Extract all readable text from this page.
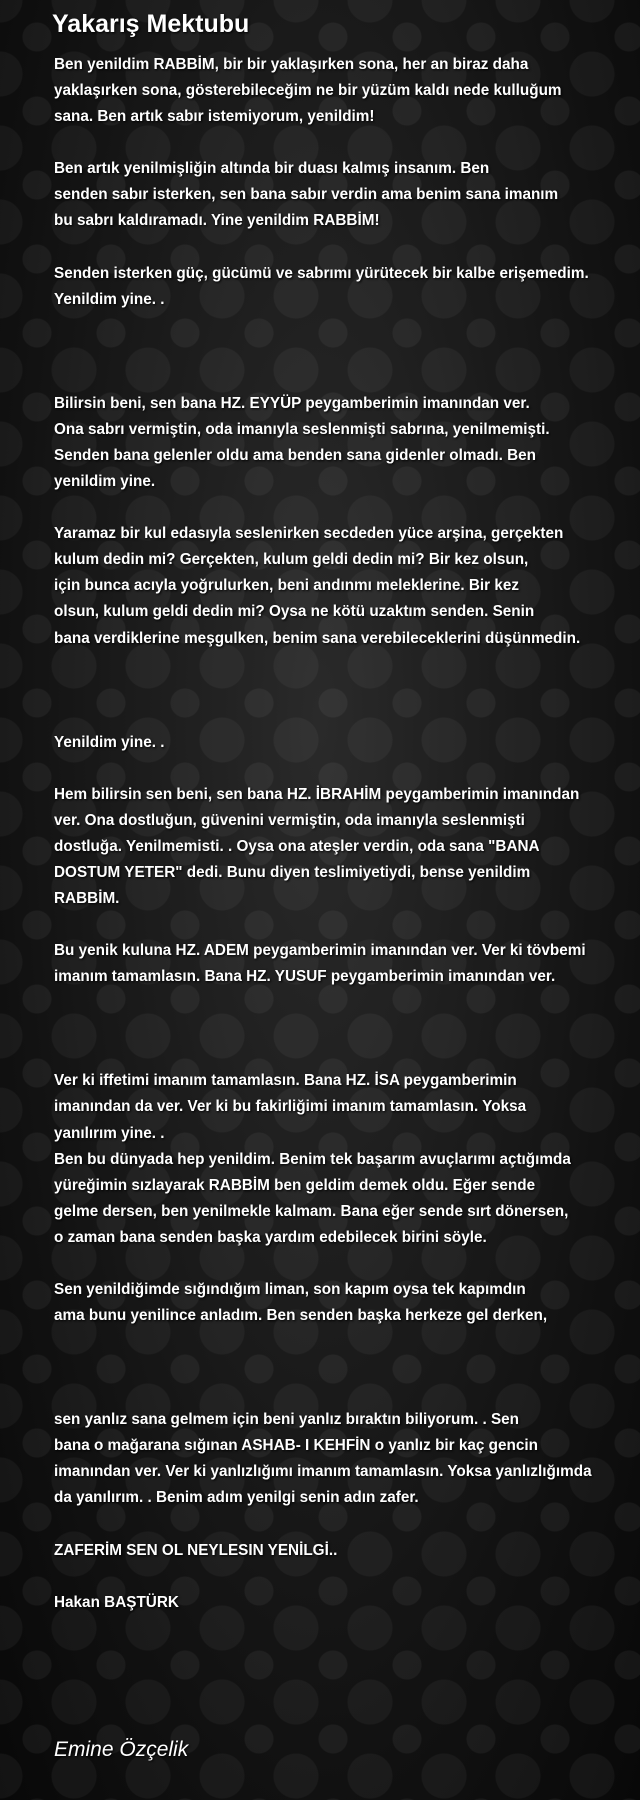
Yakarış Mektubu

Ben yenildim RABBİM, bir bir yaklaşırken sona, her an biraz daha
yaklaşırken sona, gösterebileceğim ne bir yüzüm kaldı nede kulluğum
sana. Ben artık sabır istemiyorum, yenildim!

Ben artık yenilmişliğin altında bir duası kalmış insanım. Ben
senden sabır isterken, sen bana sabır verdin ama benim sana imanım
bu sabrı kaldıramadı. Yine yenildim RABBİM!

Senden isterken güç, gücümü ve sabrımı yürütecek bir kalbe erişemedim.
Yenildim yine. .

Bilirsin beni, sen bana HZ. EYYÜP peygamberimin imanından ver.
Ona sabrı vermiştin, oda imanıyla seslenmişti sabrına, yenilmemişti.
Senden bana gelenler oldu ama benden sana gidenler olmadı. Ben
yenildim yine.

Yaramaz bir kul edasıyla seslenirken secdeden yüce arşina, gerçekten
kulum dedin mi? Gerçekten, kulum geldi dedin mi? Bir kez olsun,
için bunca acıyla yoğrulurken, beni andınmı meleklerine. Bir kez
olsun, kulum geldi dedin mi? Oysa ne kötü uzaktım senden. Senin
bana verdiklerine meşgulken, benim sana verebileceklerini düşünmedin.

Yenildim yine. .

Hem bilirsin sen beni, sen bana HZ. İBRAHİM peygamberimin imanından
ver. Ona dostluğun, güvenini vermiştin, oda imanıyla seslenmişti
dostluğa. Yenilmemisti. . Oysa ona ateşler verdin, oda sana "BANA
DOSTUM YETER" dedi. Bunu diyen teslimiyetiydi, bense yenildim
RABBİM.

Bu yenik kuluna HZ. ADEM peygamberimin imanından ver. Ver ki tövbemi
imanım tamamlasın. Bana HZ. YUSUF peygamberimin imanından ver.

Ver ki iffetimi imanım tamamlasın. Bana HZ. İSA peygamberimin
imanından da ver. Ver ki bu fakirliğimi imanım tamamlasın. Yoksa
yanılırım yine. .
Ben bu dünyada hep yenildim. Benim tek başarım avuçlarımı açtığımda
yüreğimin sızlayarak RABBİM ben geldim demek oldu. Eğer sende
gelme dersen, ben yenilmekle kalmam. Bana eğer sende sırt dönersen,
o zaman bana senden başka yardım edebilecek birini söyle.

Sen yenildiğimde sığındığım liman, son kapım oysa tek kapımdın
ama bunu yenilince anladım. Ben senden başka herkeze gel derken,

sen yanlız sana gelmem için beni yanlız bıraktın biliyorum. . Sen
bana o mağarana sığınan ASHAB- I KEHFİN o yanlız bir kaç gencin
imanından ver. Ver ki yanlızlığımı imanım tamamlasın. Yoksa yanlızlığımda
da yanılırım. . Benim adım yenilgi senin adın zafer.

ZAFERİM SEN OL NEYLESIN YENİLGİ..

Hakan BAŞTÜRK

Emine Özçelik
